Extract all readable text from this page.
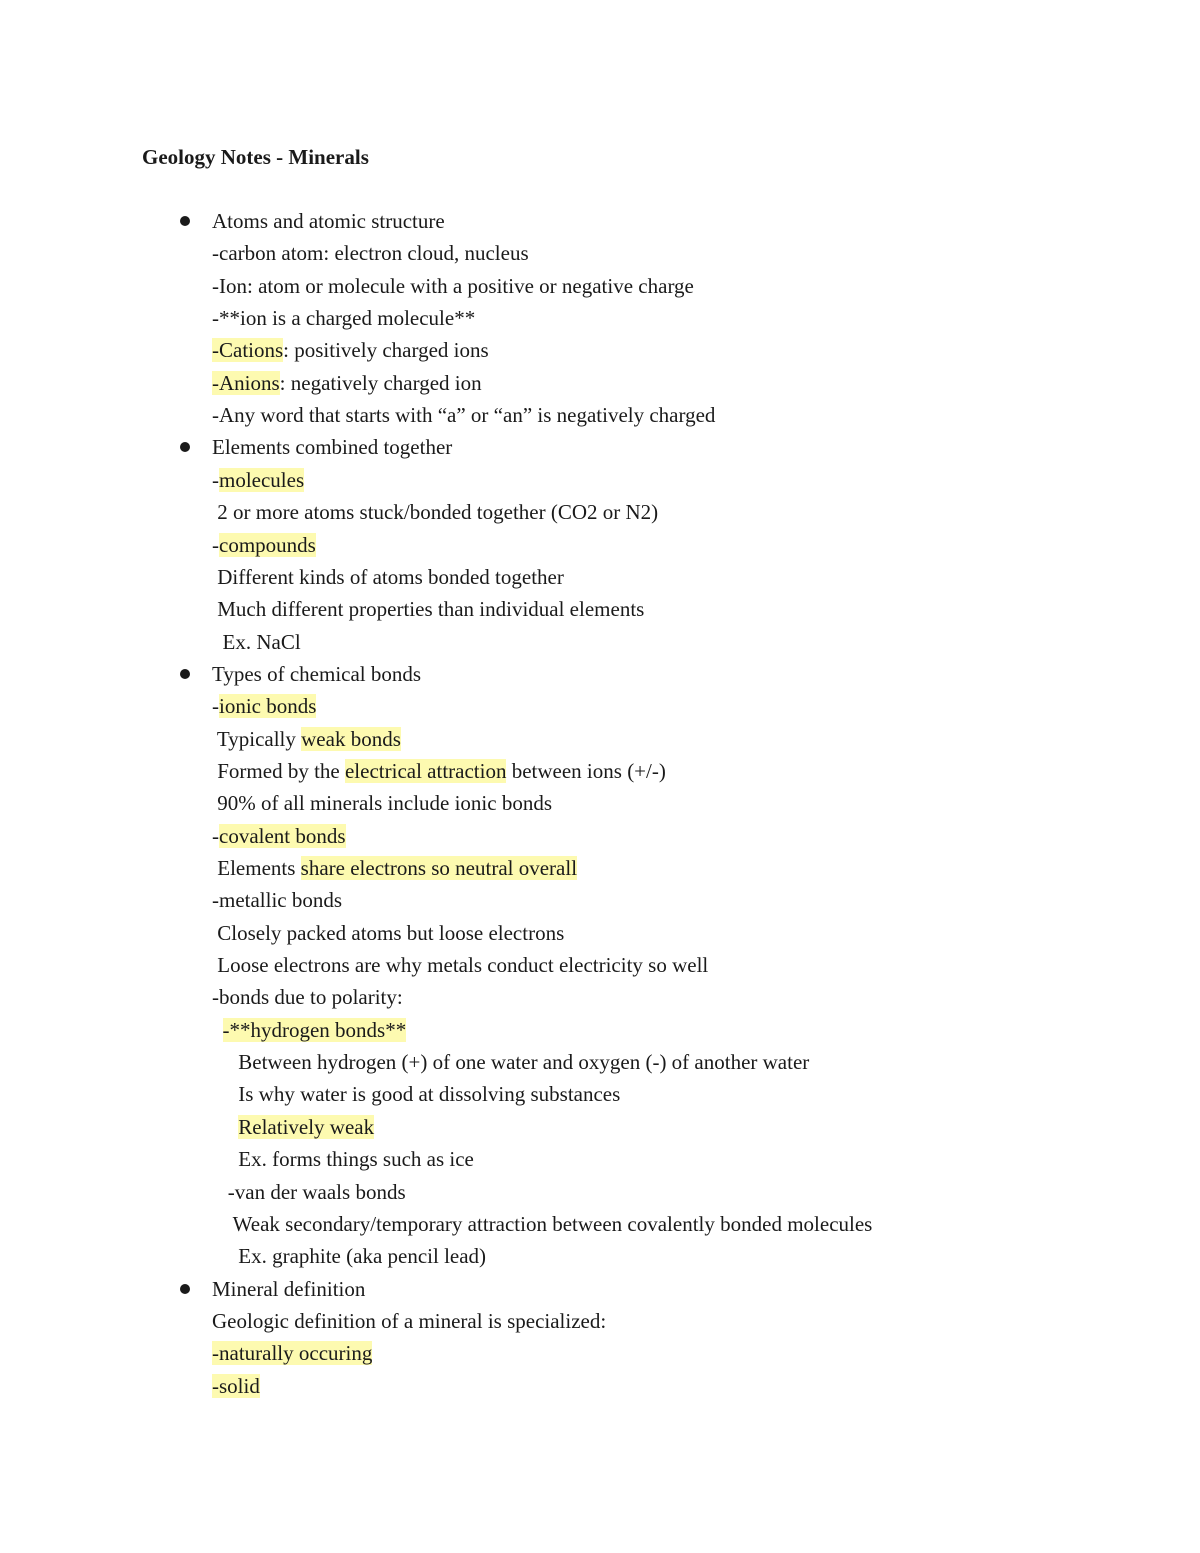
Geology Notes - Minerals
Atoms and atomic structure
-carbon atom: electron cloud, nucleus
-Ion: atom or molecule with a positive or negative charge
-**ion is a charged molecule**
-Cations: positively charged ions
-Anions: negatively charged ion
-Any word that starts with “a” or “an” is negatively charged
Elements combined together
-molecules
2 or more atoms stuck/bonded together (CO2 or N2)
-compounds
Different kinds of atoms bonded together
Much different properties than individual elements
Ex. NaCl
Types of chemical bonds
-ionic bonds
Typically weak bonds
Formed by the electrical attraction between ions (+/-)
90% of all minerals include ionic bonds
-covalent bonds
Elements share electrons so neutral overall
-metallic bonds
Closely packed atoms but loose electrons
Loose electrons are why metals conduct electricity so well
-bonds due to polarity:
-**hydrogen bonds**
Between hydrogen (+) of one water and oxygen (-) of another water
Is why water is good at dissolving substances
Relatively weak
Ex. forms things such as ice
-van der waals bonds
Weak secondary/temporary attraction between covalently bonded molecules
Ex. graphite (aka pencil lead)
Mineral definition
Geologic definition of a mineral is specialized:
-naturally occuring
-solid
